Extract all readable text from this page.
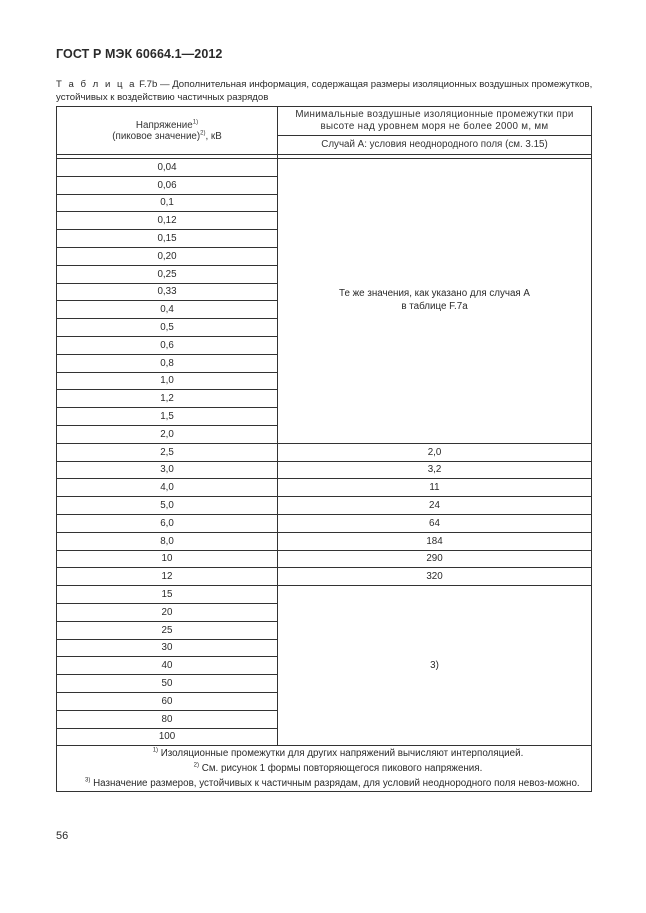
ГОСТ Р МЭК 60664.1—2012
Т а б л и ц а F.7b — Дополнительная информация, содержащая размеры изоляционных воздушных промежутков, устойчивых к воздействию частичных разрядов
Напряжение$^{1)}$
(пиковое значение)$^{2)}$, кВ	Минимальные воздушные изоляционные промежутки при высоте над уровнем моря не более 2000 м, мм
	Случай А: условия неоднородного поля (см. 3.15)

0,04	Те же значения, как указано для случая А
в таблице F.7a
0,06	
0,1	
0,12	
0,15	
0,20	
0,25	
0,33	
0,4	
0,5	
0,6	
0,8	
1,0	
1,2	
1,5	
2,0	
2,5	2,0
3,0	3,2
4,0	11
5,0	24
6,0	64
8,0	184
10	290
12	320
15	3)
20	
25	
30	
40	
50	
60	
80	
100	

$^{1)}$ Изоляционные промежутки для других напряжений вычисляют интерполяцией.
$^{2)}$ См. рисунок 1 формы повторяющегося пикового напряжения.
$^{3)}$ Назначение размеров, устойчивых к частичным разрядам, для условий неоднородного поля невоз-можно.	
56
